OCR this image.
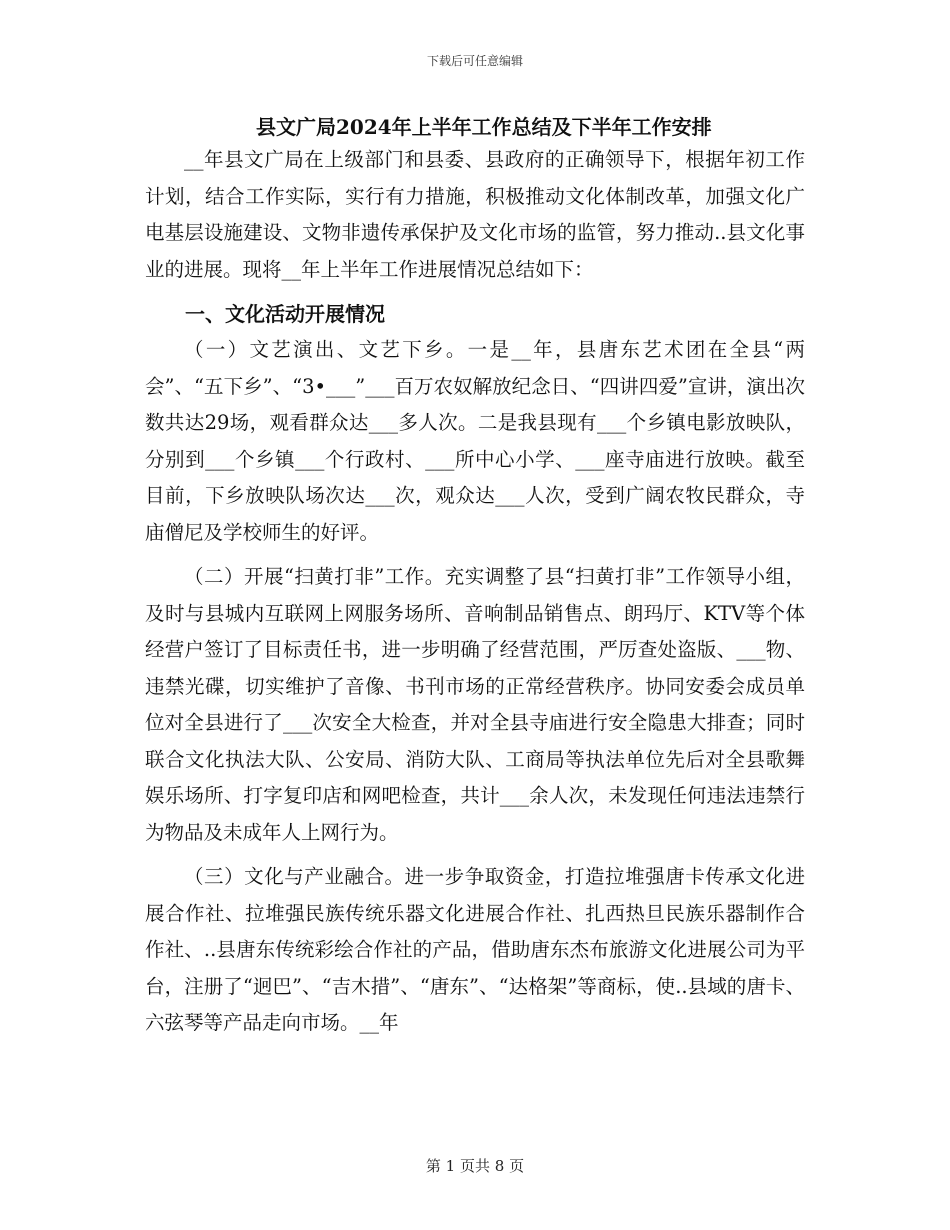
下载后可任意编辑
县文广局2024年上半年工作总结及下半年工作安排

__年县文广局在上级部门和县委、县政府的正确领导下，根据年初工作计划，结合工作实际，实行有力措施，积极推动文化体制改革，加强文化广电基层设施建设、文物非遗传承保护及文化市场的监管，努力推动..县文化事业的进展。现将__年上半年工作进展情况总结如下：

一、文化活动开展情况

（一）文艺演出、文艺下乡。一是__年，县唐东艺术团在全县“两会”、“五下乡”、“3•___”___百万农奴解放纪念日、“四讲四爱”宣讲，演出次数共达29场，观看群众达___多人次。二是我县现有___个乡镇电影放映队，分别到___个乡镇___个行政村、___所中心小学、___座寺庙进行放映。截至目前，下乡放映队场次达___次，观众达___人次，受到广阔农牧民群众，寺庙僧尼及学校师生的好评。

（二）开展“扫黄打非”工作。充实调整了县“扫黄打非”工作领导小组，及时与县城内互联网上网服务场所、音响制品销售点、朗玛厅、KTV等个体经营户签订了目标责任书，进一步明确了经营范围，严厉查处盗版、___物、违禁光碟，切实维护了音像、书刊市场的正常经营秩序。协同安委会成员单位对全县进行了___次安全大检查，并对全县寺庙进行安全隐患大排查；同时联合文化执法大队、公安局、消防大队、工商局等执法单位先后对全县歌舞娱乐场所、打字复印店和网吧检查，共计___余人次，未发现任何违法违禁行为物品及未成年人上网行为。

（三）文化与产业融合。进一步争取资金，打造拉堆强唐卡传承文化进展合作社、拉堆强民族传统乐器文化进展合作社、扎西热旦民族乐器制作合作社、..县唐东传统彩绘合作社的产品，借助唐东杰布旅游文化进展公司为平台，注册了“迥巴”、“吉木措”、“唐东”、“达格架”等商标，使..县域的唐卡、六弦琴等产品走向市场。__年

第 1 页共 8 页
